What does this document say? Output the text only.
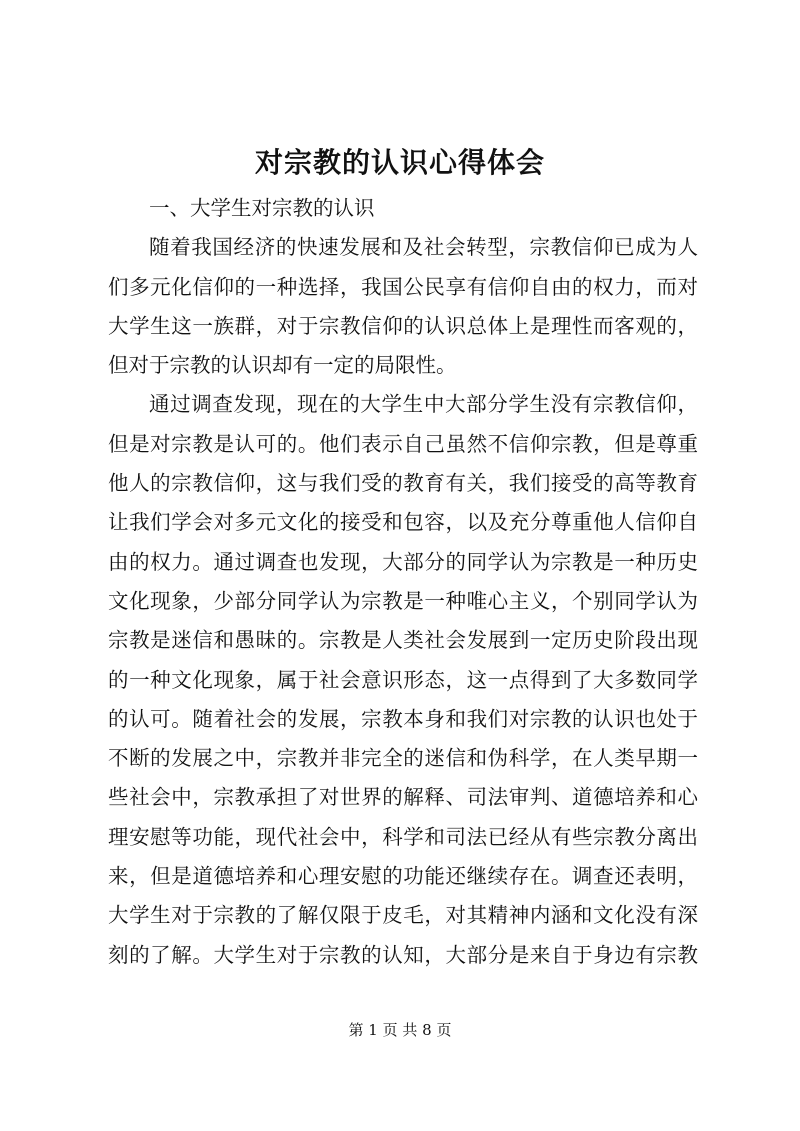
对宗教的认识心得体会
一、大学生对宗教的认识
随着我国经济的快速发展和及社会转型，宗教信仰已成为人
们多元化信仰的一种选择，我国公民享有信仰自由的权力，而对
大学生这一族群，对于宗教信仰的认识总体上是理性而客观的，
但对于宗教的认识却有一定的局限性。
通过调查发现，现在的大学生中大部分学生没有宗教信仰，
但是对宗教是认可的。他们表示自己虽然不信仰宗教，但是尊重
他人的宗教信仰，这与我们受的教育有关，我们接受的高等教育
让我们学会对多元文化的接受和包容，以及充分尊重他人信仰自
由的权力。通过调查也发现，大部分的同学认为宗教是一种历史
文化现象，少部分同学认为宗教是一种唯心主义，个别同学认为
宗教是迷信和愚昧的。宗教是人类社会发展到一定历史阶段出现
的一种文化现象，属于社会意识形态，这一点得到了大多数同学
的认可。随着社会的发展，宗教本身和我们对宗教的认识也处于
不断的发展之中，宗教并非完全的迷信和伪科学，在人类早期一
些社会中，宗教承担了对世界的解释、司法审判、道德培养和心
理安慰等功能，现代社会中，科学和司法已经从有些宗教分离出
来，但是道德培养和心理安慰的功能还继续存在。调查还表明，
大学生对于宗教的了解仅限于皮毛，对其精神内涵和文化没有深
刻的了解。大学生对于宗教的认知，大部分是来自于身边有宗教
第 1 页 共 8 页
